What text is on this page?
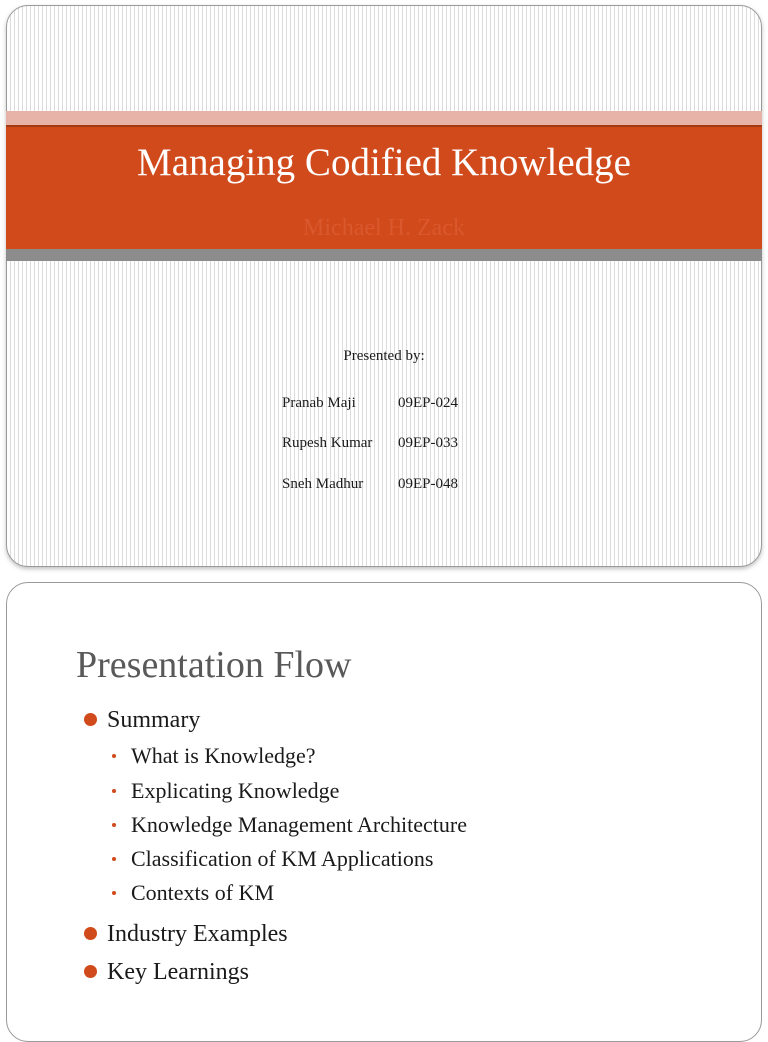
Managing Codified Knowledge
Michael H. Zack
Presented by:
Pranab Maji	09EP-024
Rupesh Kumar 09EP-033
Sneh Madhur 09EP-048
Presentation Flow
Summary
What is Knowledge?
Explicating Knowledge
Knowledge Management Architecture
Classification of KM Applications
Contexts of KM
Industry Examples
Key Learnings
